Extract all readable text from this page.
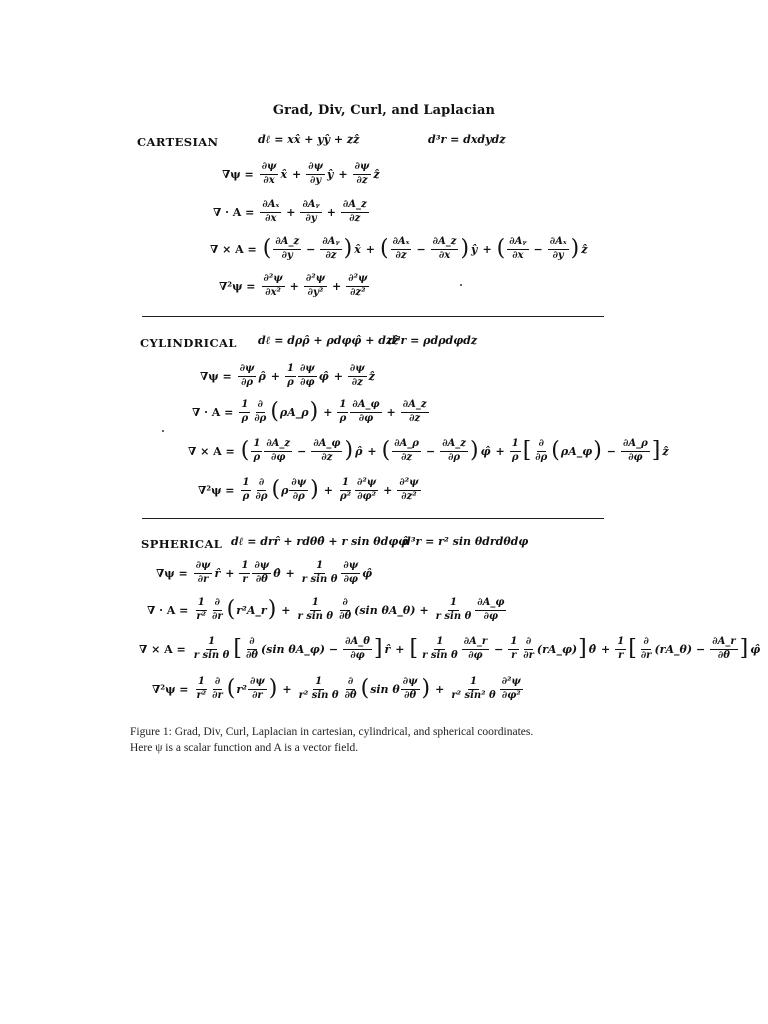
Grad, Div, Curl, and Laplacian
CARTESIAN	dℓ = xx̂ + yŷ + zẑ	d³r = dxdydz
$\nabla\psi = \frac{\partial\psi}{\partial x}$ x̂ + $\frac{\partial\psi}{\partial y}$ ŷ + $\frac{\partial\psi}{\partial z}$ ẑ
∇ · $A = \frac{\text{∂Aₓ}}{\partial x} + \frac{\text{∂Aᵧ}}{\partial y} + \frac{\partial A\_z}{\partial z}$
∇ × A = ( $\frac{\partial A\_z}{\partial y} - \frac{\text{∂Aᵧ}}{\partial z}$ ) x̂ + ( $\frac{\text{∂Aₓ}}{\partial z} - \frac{\partial A\_z}{\partial x}$ ) ŷ + ( $\frac{\text{∂Aᵧ}}{\partial x} - \frac{\text{∂Aₓ}}{\partial y}$ ) ẑ
$\nabla^2\psi = \frac{\text{∂²ψ}}{\text{∂x²}} + \frac{\text{∂²ψ}}{\text{∂y²}} + \frac{\text{∂²ψ}}{\text{∂z²}}$
CYLINDRICAL dℓ = dρρ̂ + ρdφφ̂ + dzẑ
d³r = ρdρdφdz
$\nabla\psi = \frac{\partial\psi}{\partial\rho}$ ρ̂ + $\frac{1}{\rho} \frac{\partial\psi}{\partial\varphi}$ φ̂ + $\frac{\partial\psi}{\partial z}$ ẑ
∇ · $A = \frac{1}{\rho} \frac{\partial}{\partial\rho}$ ( ρA_ρ ) + $\frac{1}{\rho} \frac{\partial A\_\varphi}{\partial\varphi} + \frac{\partial A\_z}{\partial z}$
∇ × A = ( $\frac{1}{\rho} \frac{\partial A\_z}{\partial\varphi} - \frac{\partial A\_\varphi}{\partial z}$ ) ρ̂ + ( $\frac{\partial A\_\rho}{\partial z} - \frac{\partial A\_z}{\partial\rho}$ ) φ̂ + $\frac{1}{\rho}$ [ $\frac{\partial}{\partial\rho}$ ( ρA_φ ) − $\frac{\partial A\_\rho}{\partial\varphi}$ ] ẑ
$\nabla^2\psi = \frac{1}{\rho} \frac{\partial}{\partial\rho}$ ( ρ $\frac{\partial\psi}{\partial\rho}$ ) + $\frac{1}{\text{ρ²}} \frac{\text{∂²ψ}}{\text{∂φ²}} + \frac{\text{∂²ψ}}{\text{∂z²}}$
SPHERICAL dℓ = drr̂ + rdθθ̂ + r sin θdφφ̂
d³r = r² sin θdrdθdφ
$\nabla\psi = \frac{\partial\psi}{\partial r}$ r̂ + $\frac{1}{r} \frac{\partial\psi}{\partial\theta}$ θ̂ + $\frac{1}{\text{r sin θ}} \frac{\partial\psi}{\partial\varphi}$ φ̂
∇ · $A = \frac{1}{\text{r²}} \frac{\partial}{\partial r}$ ( r²A_r ) + $\frac{1}{\text{r sin θ}} \frac{\partial}{\partial\theta} (\sin$ θA_θ) + $\frac{1}{\text{r sin θ}} \frac{\partial A\_\varphi}{\partial\varphi}$
∇ × $A = \frac{1}{\text{r sin θ}}$ [ $\frac{\partial}{\partial\theta} (\sin$ θA_φ) − $\frac{\partial A\_\theta}{\partial\varphi}$ ] r̂ + [ $\frac{1}{\text{r sin θ}} \frac{\partial A\_r}{\partial\varphi} - \frac{1}{r} \frac{\partial}{\partial r}$ (rA_φ) ] θ̂ + $\frac{1}{r}$ [ $\frac{\partial}{\partial r}$ (rA_θ) − $\frac{\partial A\_r}{\partial\theta}$ ] φ̂
$\nabla^2\psi = \frac{1}{\text{r²}} \frac{\partial}{\partial r}$ ( $r^2 \frac{\partial\psi}{\partial r}$ ) + $\frac{1}{\text{r² sin θ}} \frac{\partial}{\partial\theta}$ ( sin θ $\frac{\partial\psi}{\partial\theta}$ ) + $\frac{1}{\text{r² sin² θ}} \frac{\text{∂²ψ}}{\text{∂φ²}}$
Figure 1: Grad, Div, Curl, Laplacian in cartesian, cylindrical, and spherical coordinates.
Here ψ is a scalar function and A is a vector field.
